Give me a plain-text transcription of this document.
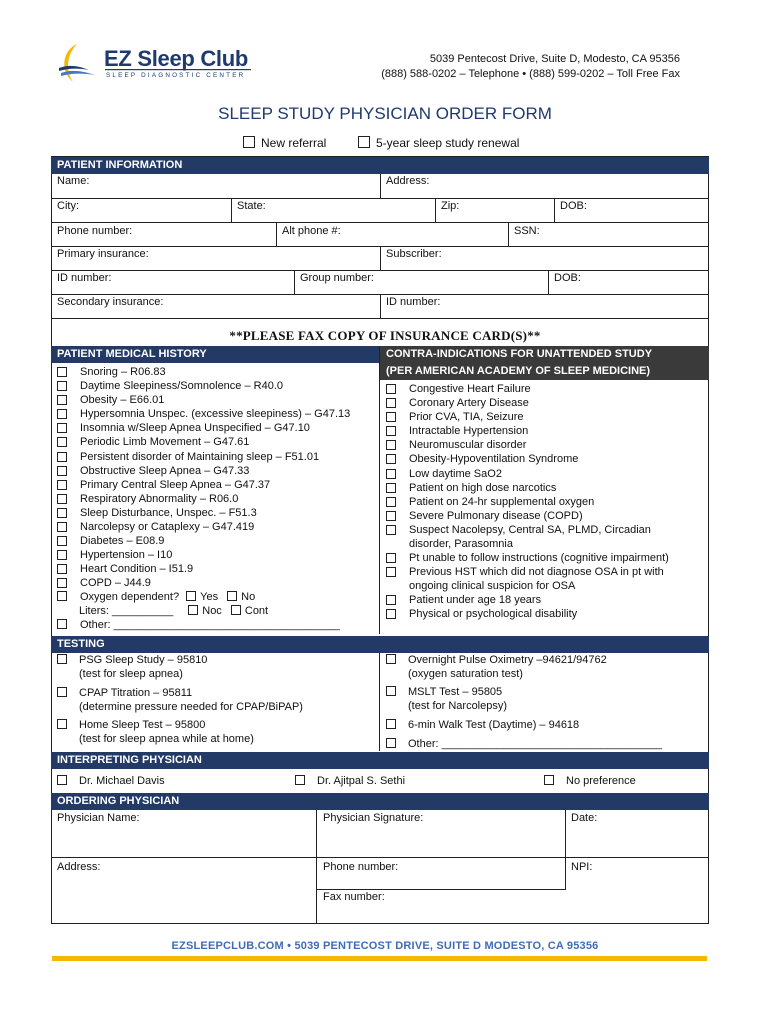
EZ Sleep Club
SLEEP DIAGNOSTIC CENTER
5039 Pentecost Drive, Suite D, Modesto, CA 95356
(888) 588-0202 – Telephone • (888) 599-0202 – Toll Free Fax
SLEEP STUDY PHYSICIAN ORDER FORM
New referral	5-year sleep study renewal
PATIENT INFORMATION
Name:	Address:
City:	State:	Zip:	DOB:
Phone number:	Alt phone #:	SSN:
Primary insurance:	Subscriber:
ID number:	Group number:	DOB:
Secondary insurance:	ID number:
**PLEASE FAX COPY OF INSURANCE CARD(S)**
PATIENT MEDICAL HISTORY
Snoring – R06.83
Daytime Sleepiness/Somnolence – R40.0
Obesity – E66.01
Hypersomnia Unspec. (excessive sleepiness) – G47.13
Insomnia w/Sleep Apnea Unspecified – G47.10
Periodic Limb Movement – G47.61
Persistent disorder of Maintaining sleep – F51.01
Obstructive Sleep Apnea – G47.33
Primary Central Sleep Apnea – G47.37
Respiratory Abnormality – R06.0
Sleep Disturbance, Unspec. – F51.3
Narcolepsy or Cataplexy – G47.419
Diabetes – E08.9
Hypertension – I10
Heart Condition – I51.9
COPD – J44.9
Oxygen dependent? Yes No
Liters: __________	Noc Cont
Other: _____________________________________
CONTRA-INDICATIONS FOR UNATTENDED STUDY
(PER AMERICAN ACADEMY OF SLEEP MEDICINE)
Congestive Heart Failure
Coronary Artery Disease
Prior CVA, TIA, Seizure
Intractable Hypertension
Neuromuscular disorder
Obesity-Hypoventilation Syndrome
Low daytime SaO2
Patient on high dose narcotics
Patient on 24-hr supplemental oxygen
Severe Pulmonary disease (COPD)
Suspect Nacolepsy, Central SA, PLMD, Circadian
disorder, Parasomnia
Pt unable to follow instructions (cognitive impairment)
Previous HST which did not diagnose OSA in pt with
ongoing clinical suspicion for OSA
Patient under age 18 years
Physical or psychological disability
TESTING
PSG Sleep Study – 95810
(test for sleep apnea)
CPAP Titration – 95811
(determine pressure needed for CPAP/BiPAP)
Home Sleep Test – 95800
(test for sleep apnea while at home)
Overnight Pulse Oximetry –94621/94762
(oxygen saturation test)
MSLT Test – 95805
(test for Narcolepsy)
6-min Walk Test (Daytime) – 94618
Other: ____________________________________
INTERPRETING PHYSICIAN
Dr. Michael Davis	Dr. Ajitpal S. Sethi	No preference
ORDERING PHYSICIAN
Physician Name:	Physician Signature:	Date:
Address:	Phone number:	NPI:
Fax number:
EZSLEEPCLUB.COM • 5039 PENTECOST DRIVE, SUITE D MODESTO, CA 95356
